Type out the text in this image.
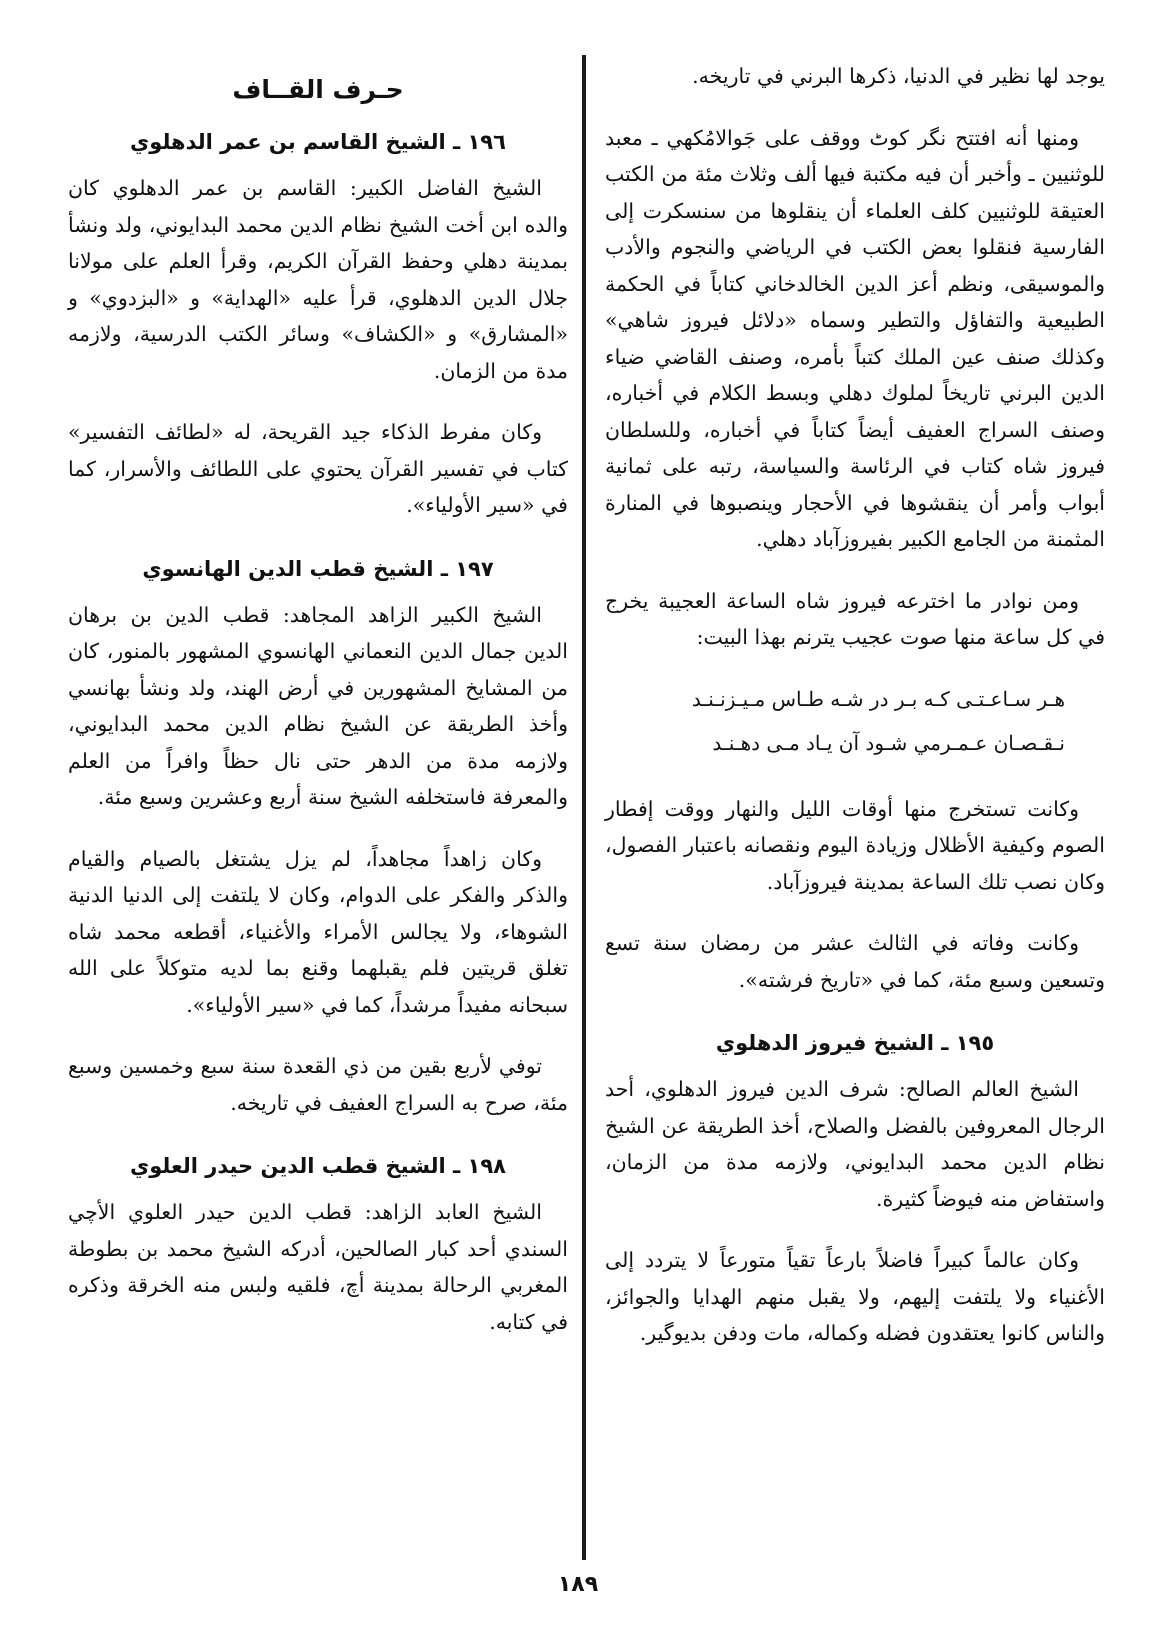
يوجد لها نظير في الدنيا، ذكرها البرني في تاريخه.

ومنها أنه افتتح نگر كوٹ ووقف على جَوالامُكهي ـ معبد للوثنيين ـ وأخبر أن فيه مكتبة فيها ألف وثلاث مئة من الكتب العتيقة للوثنيين كلف العلماء أن ينقلوها من سنسكرت إلى الفارسية فنقلوا بعض الكتب في الرياضي والنجوم والأدب والموسيقى، ونظم أعز الدين الخالدخاني كتاباً في الحكمة الطبيعية والتفاؤل والتطير وسماه «دلائل فيروز شاهي» وكذلك صنف عين الملك كتباً بأمره، وصنف القاضي ضياء الدين البرني تاريخاً لملوك دهلي وبسط الكلام في أخباره، وصنف السراج العفيف أيضاً كتاباً في أخباره، وللسلطان فيروز شاه كتاب في الرئاسة والسياسة، رتبه على ثمانية أبواب وأمر أن ينقشوها في الأحجار وينصبوها في المنارة المثمنة من الجامع الكبير بفيروزآباد دهلي.

ومن نوادر ما اخترعه فيروز شاه الساعة العجيبة يخرج في كل ساعة منها صوت عجيب يترنم بهذا البيت:

هـر سـاعـتـى كـه بـر در شـه طـاس مـيـزنـنـد
نـقـصـان عـمـرمي شـود آن يـاد مـى دهـنـد

وكانت تستخرج منها أوقات الليل والنهار ووقت إفطار الصوم وكيفية الأظلال وزيادة اليوم ونقصانه باعتبار الفصول، وكان نصب تلك الساعة بمدينة فيروزآباد.

وكانت وفاته في الثالث عشر من رمضان سنة تسع وتسعين وسبع مئة، كما في «تاريخ فرشته».

١٩٥ ـ الشيخ فيروز الدهلوي

الشيخ العالم الصالح: شرف الدين فيروز الدهلوي، أحد الرجال المعروفين بالفضل والصلاح، أخذ الطريقة عن الشيخ نظام الدين محمد البدايوني، ولازمه مدة من الزمان، واستفاض منه فيوضاً كثيرة.

وكان عالماً كبيراً فاضلاً بارعاً تقياً متورعاً لا يتردد إلى الأغنياء ولا يلتفت إليهم، ولا يقبل منهم الهدايا والجوائز، والناس كانوا يعتقدون فضله وكماله، مات ودفن بديوگير.

حـرف القــاف
١٩٦ ـ الشيخ القاسم بن عمر الدهلوي

الشيخ الفاضل الكبير: القاسم بن عمر الدهلوي كان والده ابن أخت الشيخ نظام الدين محمد البدايوني، ولد ونشأ بمدينة دهلي وحفظ القرآن الكريم، وقرأ العلم على مولانا جلال الدين الدهلوي، قرأ عليه «الهداية» و «البزدوي» و «المشارق» و «الكشاف» وسائر الكتب الدرسية، ولازمه مدة من الزمان.

وكان مفرط الذكاء جيد القريحة، له «لطائف التفسير» كتاب في تفسير القرآن يحتوي على اللطائف والأسرار، كما في «سير الأولياء».

١٩٧ ـ الشيخ قطب الدين الهانسوي

الشيخ الكبير الزاهد المجاهد: قطب الدين بن برهان الدين جمال الدين النعماني الهانسوي المشهور بالمنور، كان من المشايخ المشهورين في أرض الهند، ولد ونشأ بهانسي وأخذ الطريقة عن الشيخ نظام الدين محمد البدايوني، ولازمه مدة من الدهر حتى نال حظاً وافراً من العلم والمعرفة فاستخلفه الشيخ سنة أربع وعشرين وسبع مئة.

وكان زاهداً مجاهداً، لم يزل يشتغل بالصيام والقيام والذكر والفكر على الدوام، وكان لا يلتفت إلى الدنيا الدنية الشوهاء، ولا يجالس الأمراء والأغنياء، أقطعه محمد شاه تغلق قريتين فلم يقبلهما وقنع بما لديه متوكلاً على الله سبحانه مفيداً مرشداً، كما في «سير الأولياء».

توفي لأربع بقين من ذي القعدة سنة سبع وخمسين وسبع مئة، صرح به السراج العفيف في تاريخه.

١٩٨ ـ الشيخ قطب الدين حيدر العلوي

الشيخ العابد الزاهد: قطب الدين حيدر العلوي الأچي السندي أحد كبار الصالحين، أدركه الشيخ محمد بن بطوطة المغربي الرحالة بمدينة أچ، فلقيه ولبس منه الخرقة وذكره في كتابه.

١٨٩
